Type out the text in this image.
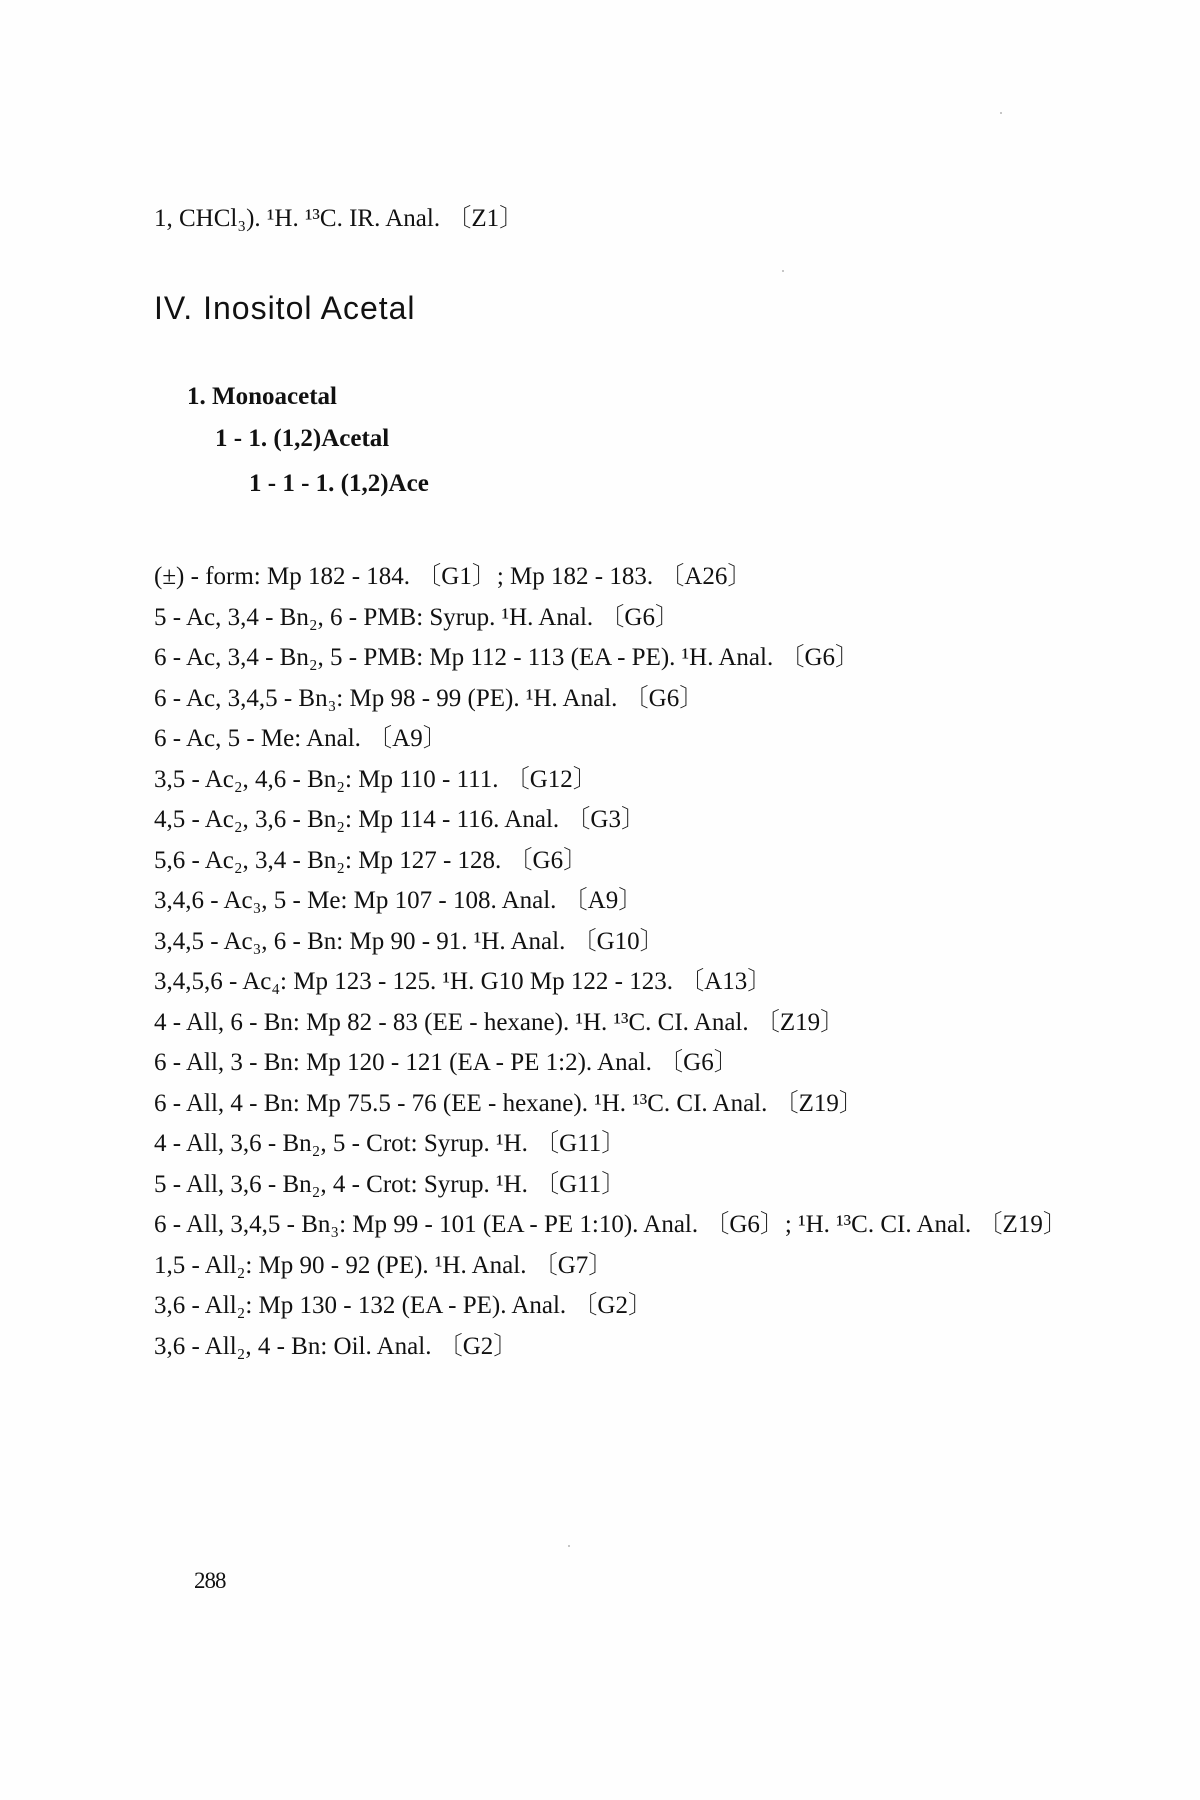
1, CHCl₃). ¹H. ¹³C. IR. Anal. 〔Z1〕
IV. Inositol Acetal
1. Monoacetal
1 - 1. (1,2)Acetal
1 - 1 - 1. (1,2)Ace
(±) - form: Mp 182 - 184. 〔G1〕; Mp 182 - 183. 〔A26〕
5 - Ac, 3,4 - Bn₂, 6 - PMB: Syrup. ¹H. Anal. 〔G6〕
6 - Ac, 3,4 - Bn₂, 5 - PMB: Mp 112 - 113 (EA - PE). ¹H. Anal. 〔G6〕
6 - Ac, 3,4,5 - Bn₃: Mp 98 - 99 (PE). ¹H. Anal. 〔G6〕
6 - Ac, 5 - Me: Anal. 〔A9〕
3,5 - Ac₂, 4,6 - Bn₂: Mp 110 - 111. 〔G12〕
4,5 - Ac₂, 3,6 - Bn₂: Mp 114 - 116. Anal. 〔G3〕
5,6 - Ac₂, 3,4 - Bn₂: Mp 127 - 128. 〔G6〕
3,4,6 - Ac₃, 5 - Me: Mp 107 - 108. Anal. 〔A9〕
3,4,5 - Ac₃, 6 - Bn: Mp 90 - 91. ¹H. Anal. 〔G10〕
3,4,5,6 - Ac₄: Mp 123 - 125. ¹H. G10 Mp 122 - 123. 〔A13〕
4 - All, 6 - Bn: Mp 82 - 83 (EE - hexane). ¹H. ¹³C. CI. Anal. 〔Z19〕
6 - All, 3 - Bn: Mp 120 - 121 (EA - PE 1:2). Anal. 〔G6〕
6 - All, 4 - Bn: Mp 75.5 - 76 (EE - hexane). ¹H. ¹³C. CI. Anal. 〔Z19〕
4 - All, 3,6 - Bn₂, 5 - Crot: Syrup. ¹H. 〔G11〕
5 - All, 3,6 - Bn₂, 4 - Crot: Syrup. ¹H. 〔G11〕
6 - All, 3,4,5 - Bn₃: Mp 99 - 101 (EA - PE 1:10). Anal. 〔G6〕; ¹H. ¹³C. CI. Anal. 〔Z19〕
1,5 - All₂: Mp 90 - 92 (PE). ¹H. Anal. 〔G7〕
3,6 - All₂: Mp 130 - 132 (EA - PE). Anal. 〔G2〕
3,6 - All₂, 4 - Bn: Oil. Anal. 〔G2〕
288
